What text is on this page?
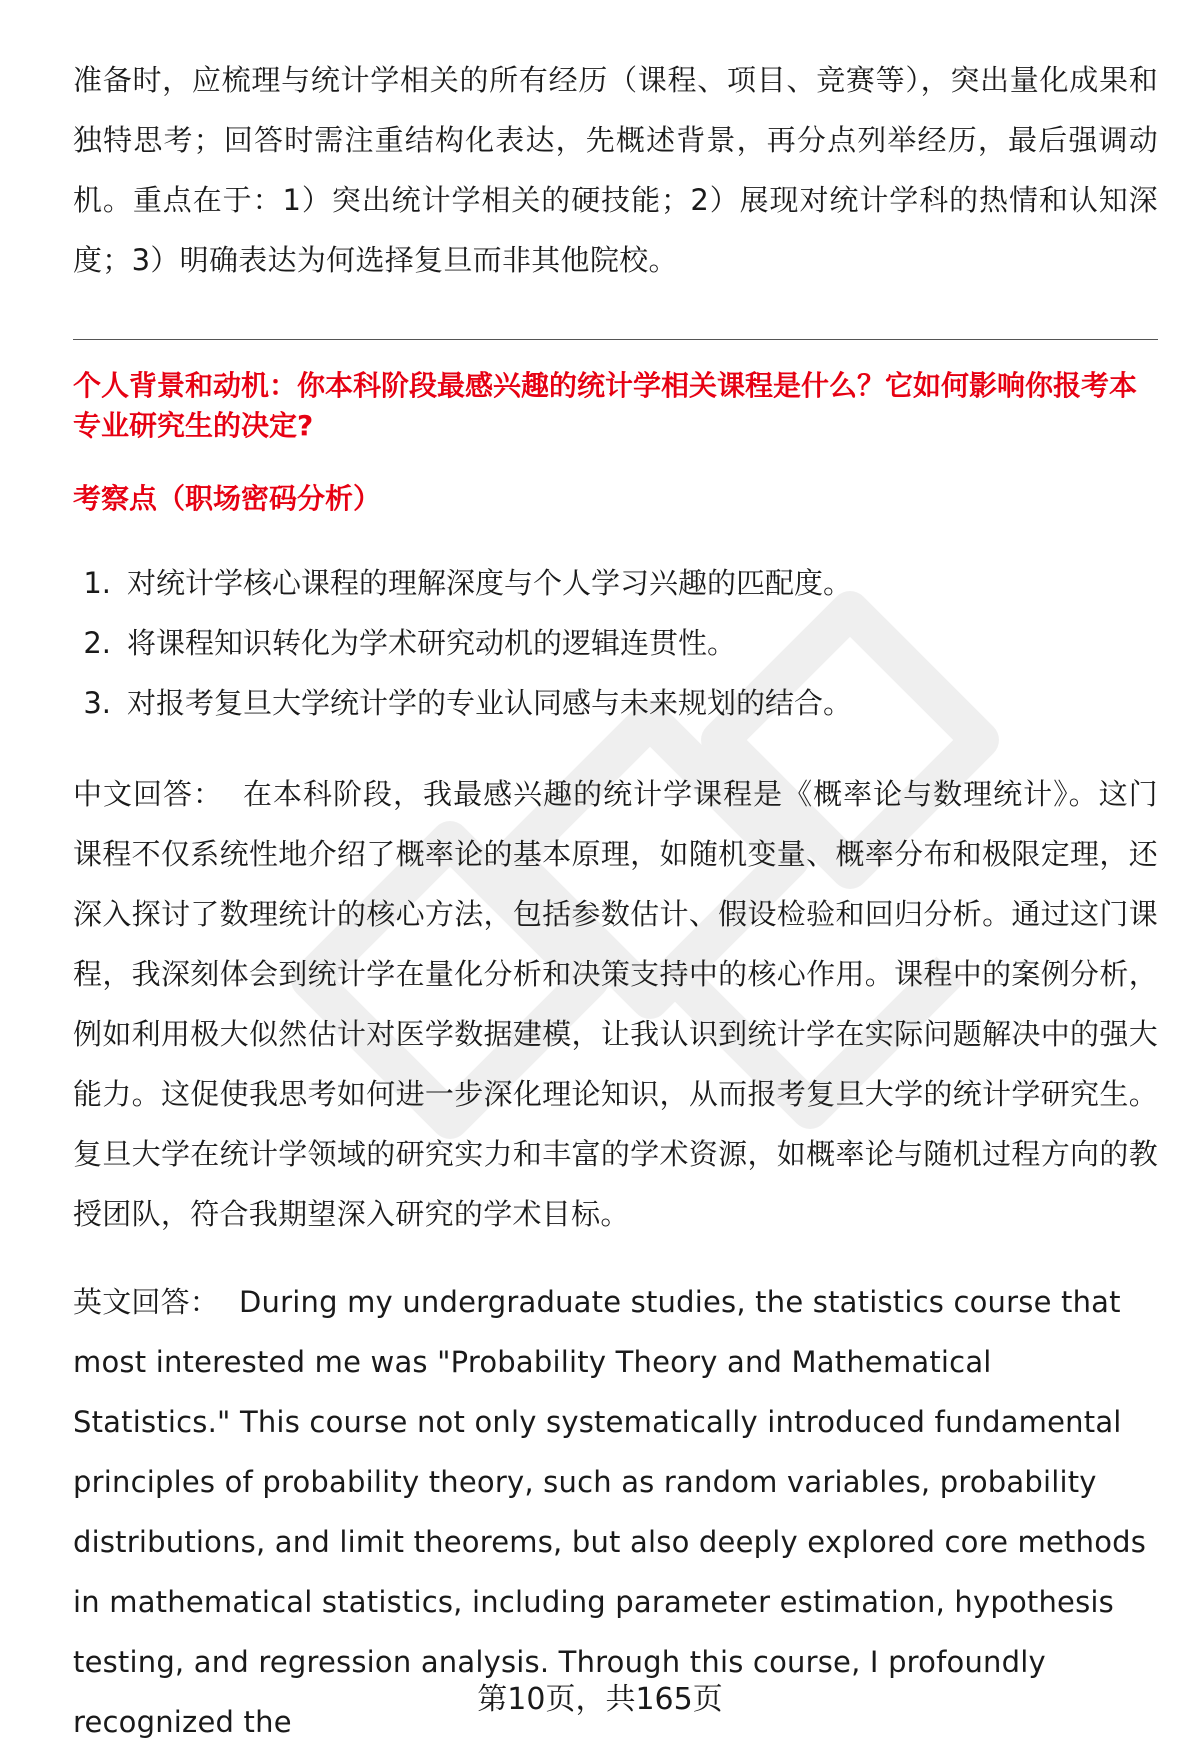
准备时，应梳理与统计学相关的所有经历（课程、项目、竞赛等），突出量化成果和独特思考；回答时需注重结构化表达，先概述背景，再分点列举经历，最后强调动机。重点在于：1）突出统计学相关的硬技能；2）展现对统计学科的热情和认知深度；3）明确表达为何选择复旦而非其他院校。

个人背景和动机：你本科阶段最感兴趣的统计学相关课程是什么？它如何影响你报考本专业研究生的决定?

考察点（职场密码分析）

1. 对统计学核心课程的理解深度与个人学习兴趣的匹配度。
2. 将课程知识转化为学术研究动机的逻辑连贯性。
3. 对报考复旦大学统计学的专业认同感与未来规划的结合。

中文回答： 在本科阶段，我最感兴趣的统计学课程是《概率论与数理统计》。这门课程不仅系统性地介绍了概率论的基本原理，如随机变量、概率分布和极限定理，还深入探讨了数理统计的核心方法，包括参数估计、假设检验和回归分析。通过这门课程，我深刻体会到统计学在量化分析和决策支持中的核心作用。课程中的案例分析，例如利用极大似然估计对医学数据建模，让我认识到统计学在实际问题解决中的强大能力。这促使我思考如何进一步深化理论知识，从而报考复旦大学的统计学研究生。复旦大学在统计学领域的研究实力和丰富的学术资源，如概率论与随机过程方向的教授团队，符合我期望深入研究的学术目标。

英文回答： During my undergraduate studies, the statistics course that most interested me was "Probability Theory and Mathematical Statistics." This course not only systematically introduced fundamental principles of probability theory, such as random variables, probability distributions, and limit theorems, but also deeply explored core methods in mathematical statistics, including parameter estimation, hypothesis testing, and regression analysis. Through this course, I profoundly recognized the

第10页，共165页
